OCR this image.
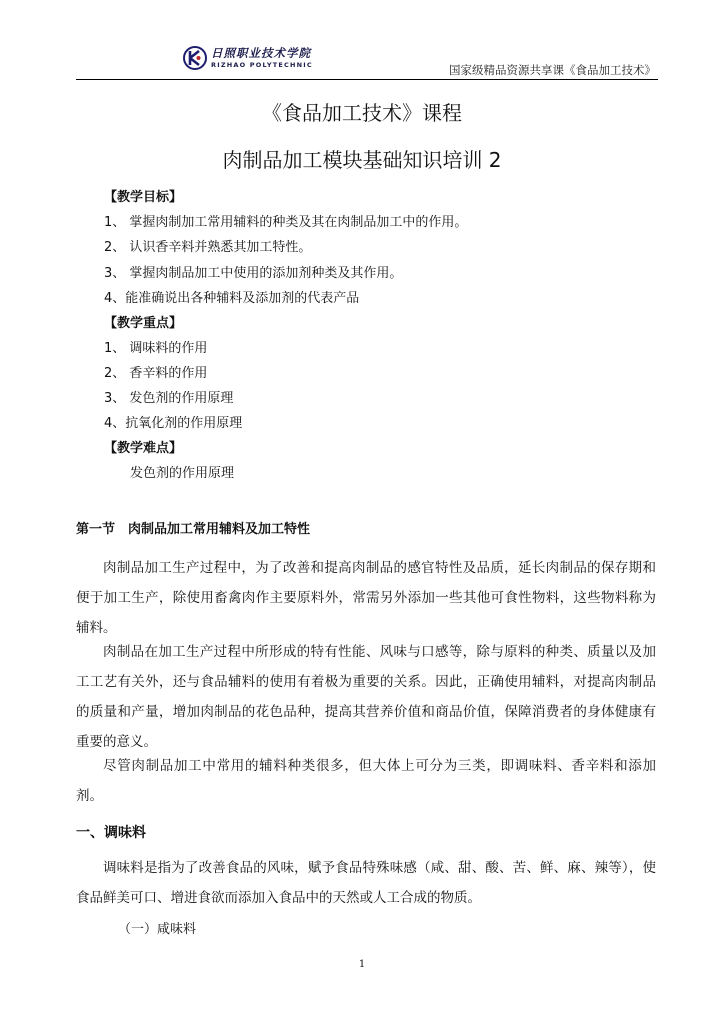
日照职业技术学院
RIZHAO POLYTECHNIC	国家级精品资源共享课《食品加工技术》
《食品加工技术》课程
肉制品加工模块基础知识培训 2
【教学目标】
1、 掌握肉制加工常用辅料的种类及其在肉制品加工中的作用。
2、 认识香辛料并熟悉其加工特性。
3、 掌握肉制品加工中使用的添加剂种类及其作用。
4、能准确说出各种辅料及添加剂的代表产品
【教学重点】
1、 调味料的作用
2、 香辛料的作用
3、 发色剂的作用原理
4、抗氧化剂的作用原理
【教学难点】
发色剂的作用原理
第一节　肉制品加工常用辅料及加工特性
肉制品加工生产过程中，为了改善和提高肉制品的感官特性及品质，延长肉制品的保存期和便于加工生产，除使用畜禽肉作主要原料外，常需另外添加一些其他可食性物料，这些物料称为辅料。
肉制品在加工生产过程中所形成的特有性能、风味与口感等，除与原料的种类、质量以及加工工艺有关外，还与食品辅料的使用有着极为重要的关系。因此，正确使用辅料，对提高肉制品的质量和产量，增加肉制品的花色品种，提高其营养价值和商品价值，保障消费者的身体健康有重要的意义。
尽管肉制品加工中常用的辅料种类很多，但大体上可分为三类，即调味料、香辛料和添加剂。
一、调味料
调味料是指为了改善食品的风味，赋予食品特殊味感（咸、甜、酸、苦、鲜、麻、辣等），使食品鲜美可口、增进食欲而添加入食品中的天然或人工合成的物质。
（一）咸味料
1
